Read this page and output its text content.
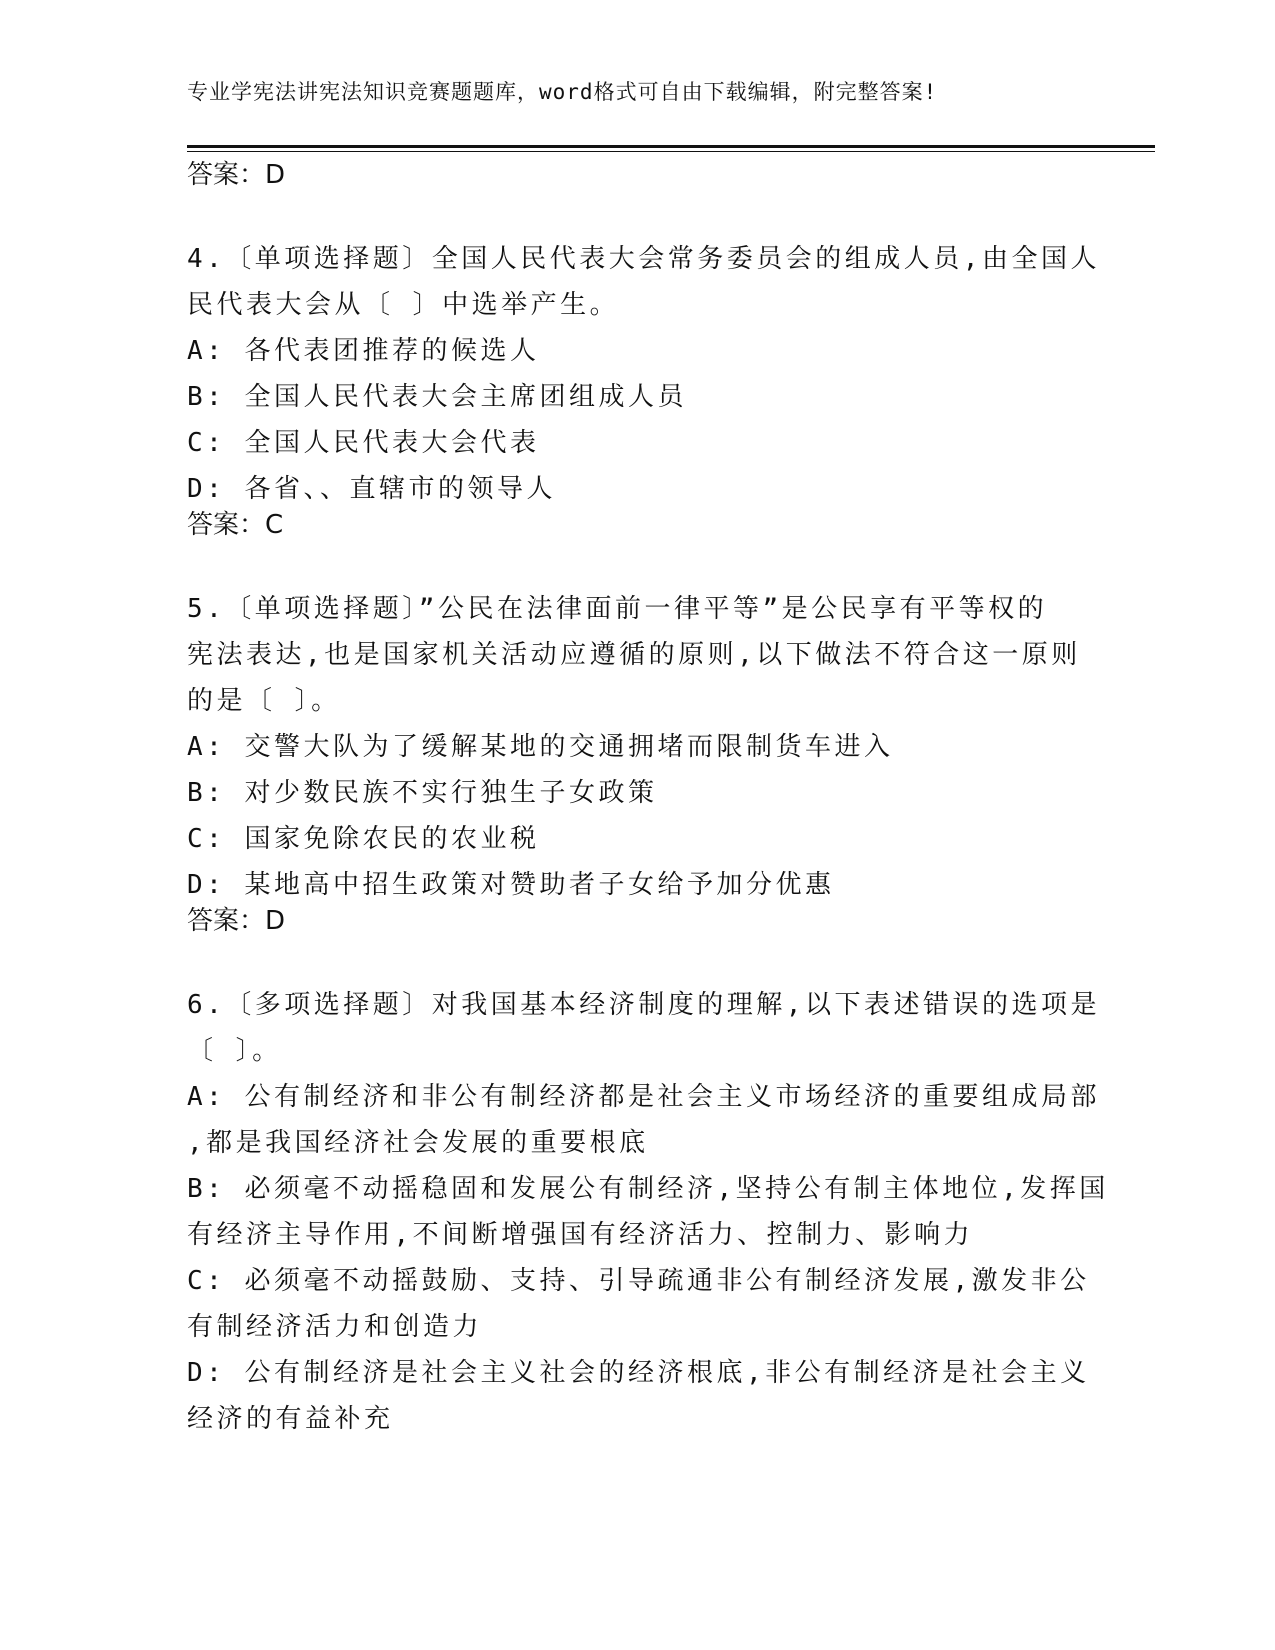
专业学宪法讲宪法知识竞赛题题库，word格式可自由下载编辑，附完整答案!
答案：D
4.〔单项选择题〕全国人民代表大会常务委员会的组成人员,由全国人
民代表大会从〔 〕中选举产生。
A: 各代表团推荐的候选人
B: 全国人民代表大会主席团组成人员
C: 全国人民代表大会代表
D: 各省、、直辖市的领导人
答案：C
5.〔单项选择题〕”公民在法律面前一律平等”是公民享有平等权的
宪法表达,也是国家机关活动应遵循的原则,以下做法不符合这一原则
的是〔 〕。
A: 交警大队为了缓解某地的交通拥堵而限制货车进入
B: 对少数民族不实行独生子女政策
C: 国家免除农民的农业税
D: 某地高中招生政策对赞助者子女给予加分优惠
答案：D
6.〔多项选择题〕对我国基本经济制度的理解,以下表述错误的选项是
〔 〕。
A: 公有制经济和非公有制经济都是社会主义市场经济的重要组成局部
,都是我国经济社会发展的重要根底
B: 必须毫不动摇稳固和发展公有制经济,坚持公有制主体地位,发挥国
有经济主导作用,不间断增强国有经济活力、控制力、影响力
C: 必须毫不动摇鼓励、支持、引导疏通非公有制经济发展,激发非公
有制经济活力和创造力
D: 公有制经济是社会主义社会的经济根底,非公有制经济是社会主义
经济的有益补充
